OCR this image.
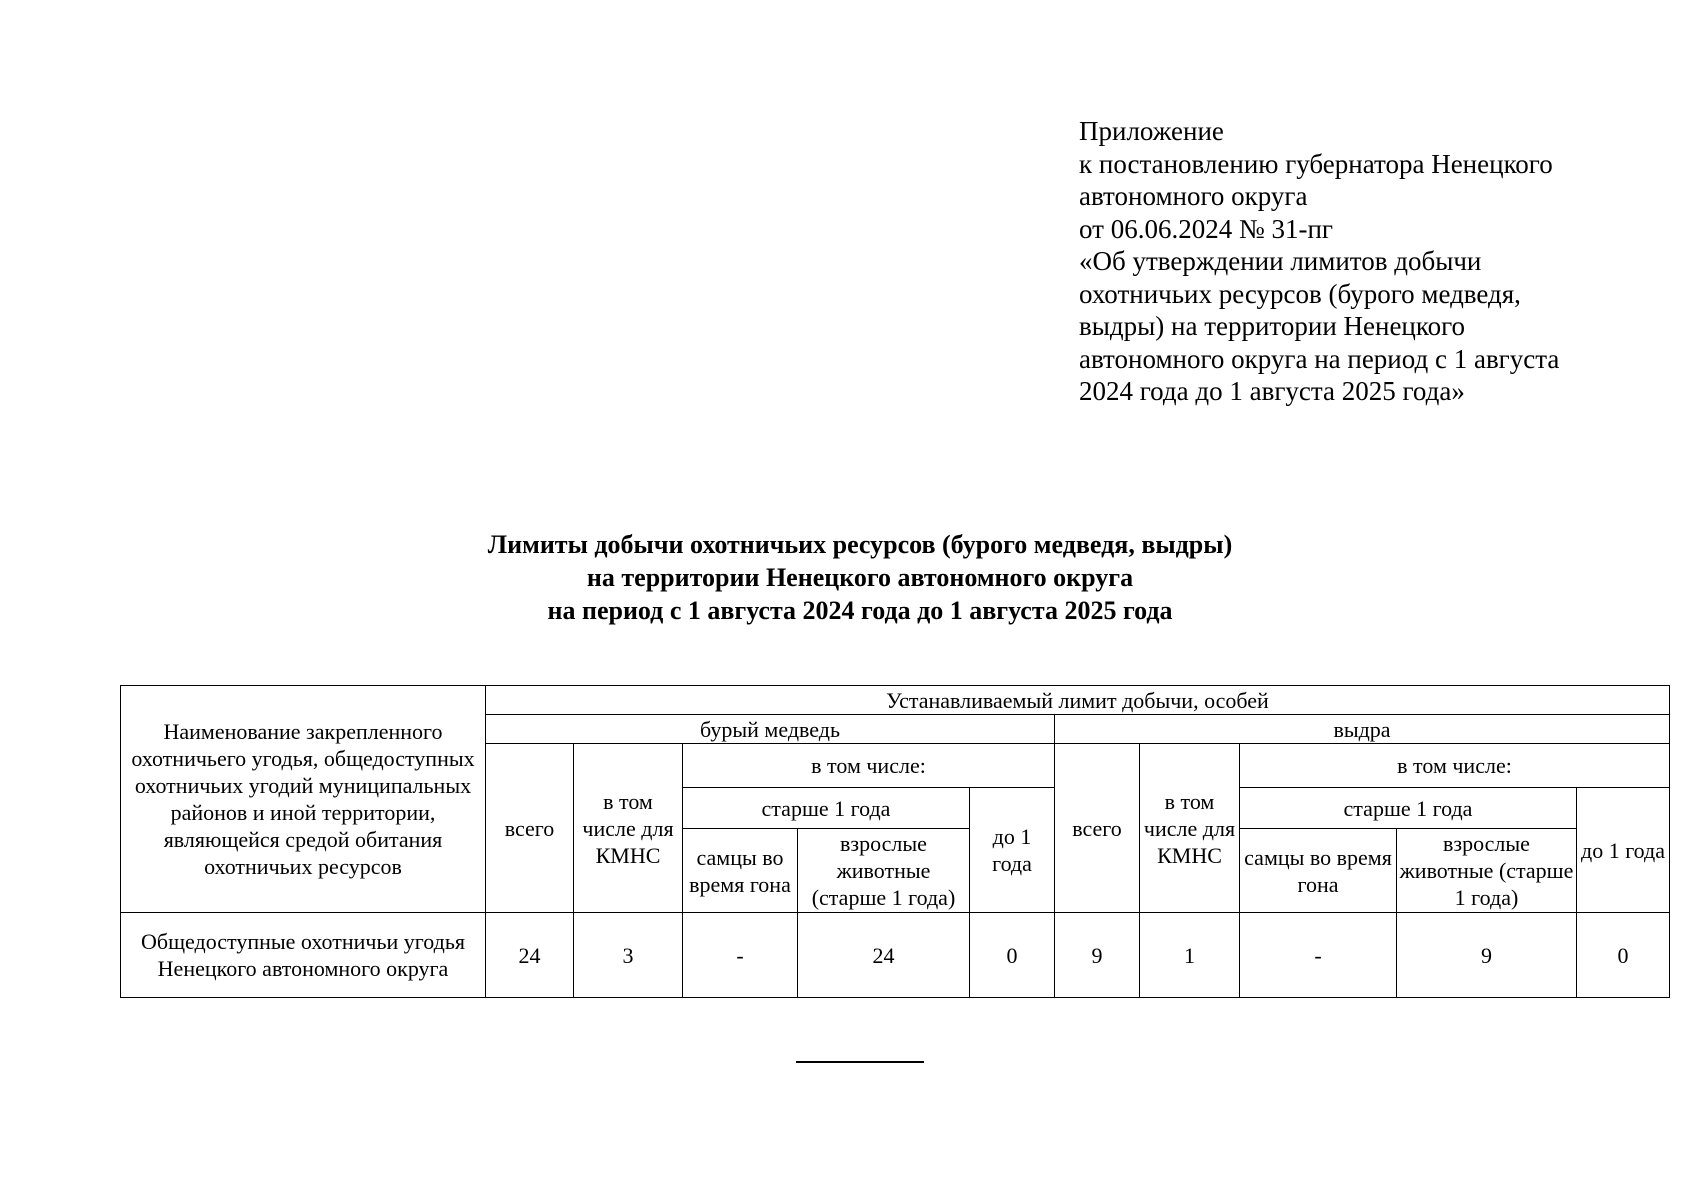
Приложение
к постановлению губернатора Ненецкого
автономного округа
от 06.06.2024 № 31-пг
«Об утверждении лимитов добычи
охотничьих ресурсов (бурого медведя,
выдры) на территории Ненецкого
автономного округа на период с 1 августа
2024 года до 1 августа 2025 года»
Лимиты добычи охотничьих ресурсов (бурого медведя, выдры)
на территории Ненецкого автономного округа
на период с 1 августа 2024 года до 1 августа 2025 года
Наименование закрепленного охотничьего угодья, общедоступных охотничьих угодий муниципальных районов и иной территории, являющейся средой обитания охотничьих ресурсов	Устанавливаемый лимит добычи, особей									
	бурый медведь					выдра				
	всего	в том числе для КМНС	в том числе:			всего	в том числе для КМНС	в том числе:		
			старше 1 года		до 1 года			старше 1 года		до 1 года
			самцы во время гона	взрослые животные (старше 1 года)				самцы во время гона	взрослые животные (старше 1 года)	

Общедоступные охотничьи угодья Ненецкого автономного округа	24	3	-	24	0	9	1	-	9	0
